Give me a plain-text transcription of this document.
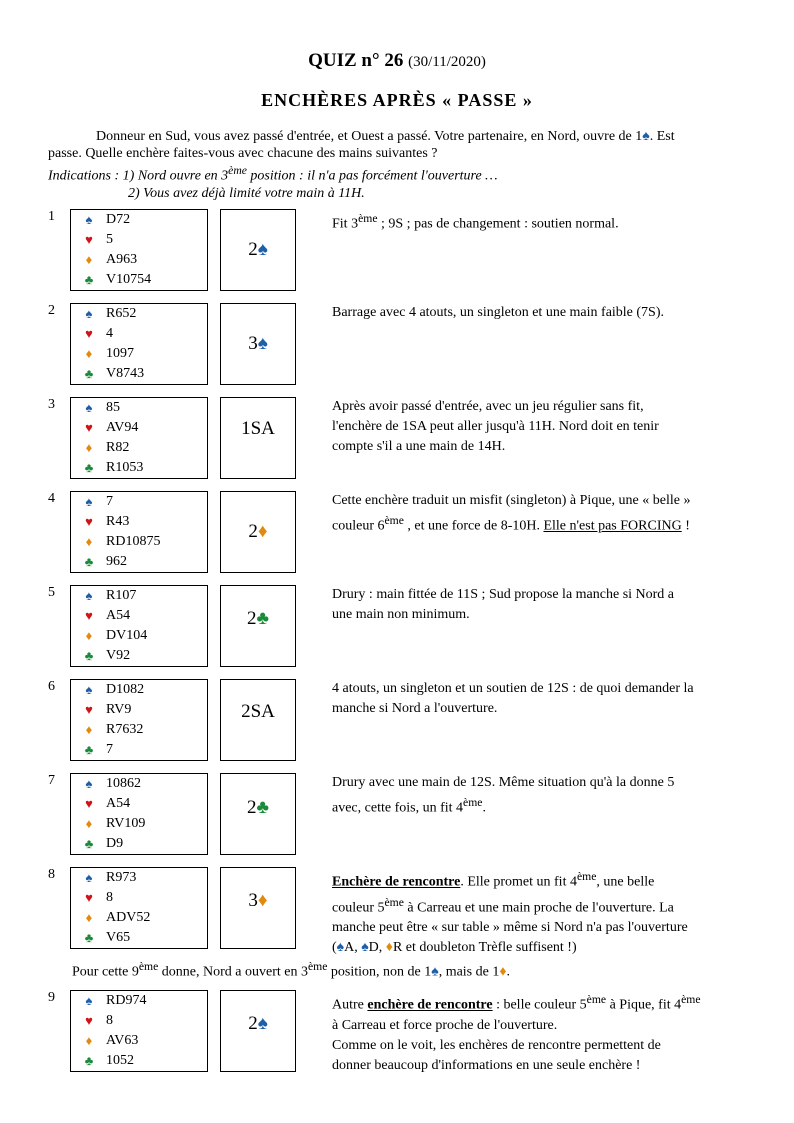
QUIZ n° 26 (30/11/2020)
ENCHÈRES APRÈS « PASSE »

Donneur en Sud, vous avez passé d'entrée, et Ouest a passé. Votre partenaire, en Nord, ouvre de 1♠. Est

passe. Quelle enchère faites-vous avec chacune des mains suivantes ?

Indications : 1) Nord ouvre en 3ème position : il n'a pas forcément l'ouverture …

2) Vous avez déjà limité votre main à 11H.

1	♠ D72
♥ 5
♦ A963
♣ V10754
2♠
Fit 3ème ; 9S ; pas de changement : soutien normal.
2	♠ R652
♥ 4
♦ 1097
♣ V8743
3♠
Barrage avec 4 atouts, un singleton et une main faible (7S).
3	♠ 85
♥ AV94
♦ R82
♣ R1053
1SA
Après avoir passé d'entrée, avec un jeu régulier sans fit,
l'enchère de 1SA peut aller jusqu'à 11H. Nord doit en tenir
compte s'il a une main de 14H.
4	♠ 7
♥ R43
♦ RD10875
♣ 962
2♦
Cette enchère traduit un misfit (singleton) à Pique, une « belle »
couleur 6ème , et une force de 8-10H. Elle n'est pas FORCING !
5	♠ R107
♥ A54
♦ DV104
♣ V92
2♣
Drury : main fittée de 11S ; Sud propose la manche si Nord a
une main non minimum.
6	♠ D1082
♥ RV9
♦ R7632
♣ 7
2SA
4 atouts, un singleton et un soutien de 12S : de quoi demander la
manche si Nord a l'ouverture.
7	♠ 10862
♥ A54
♦ RV109
♣ D9
2♣
Drury avec une main de 12S. Même situation qu'à la donne 5
avec, cette fois, un fit 4ème.
8	♠ R973
♥ 8
♦ ADV52
♣ V65
3♦
Enchère de rencontre. Elle promet un fit 4ème, une belle
couleur 5ème à Carreau et une main proche de l'ouverture. La
manche peut être « sur table » même si Nord n'a pas l'ouverture
(♠A, ♠D, ♦R et doubleton Trèfle suffisent !)
Pour cette 9ème donne, Nord a ouvert en 3ème position, non de 1♠, mais de 1♦.
9	♠ RD974
♥ 8
♦ AV63
♣ 1052
2♠
Autre enchère de rencontre : belle couleur 5ème à Pique, fit 4ème
à Carreau et force proche de l'ouverture.
Comme on le voit, les enchères de rencontre permettent de
donner beaucoup d'informations en une seule enchère !
